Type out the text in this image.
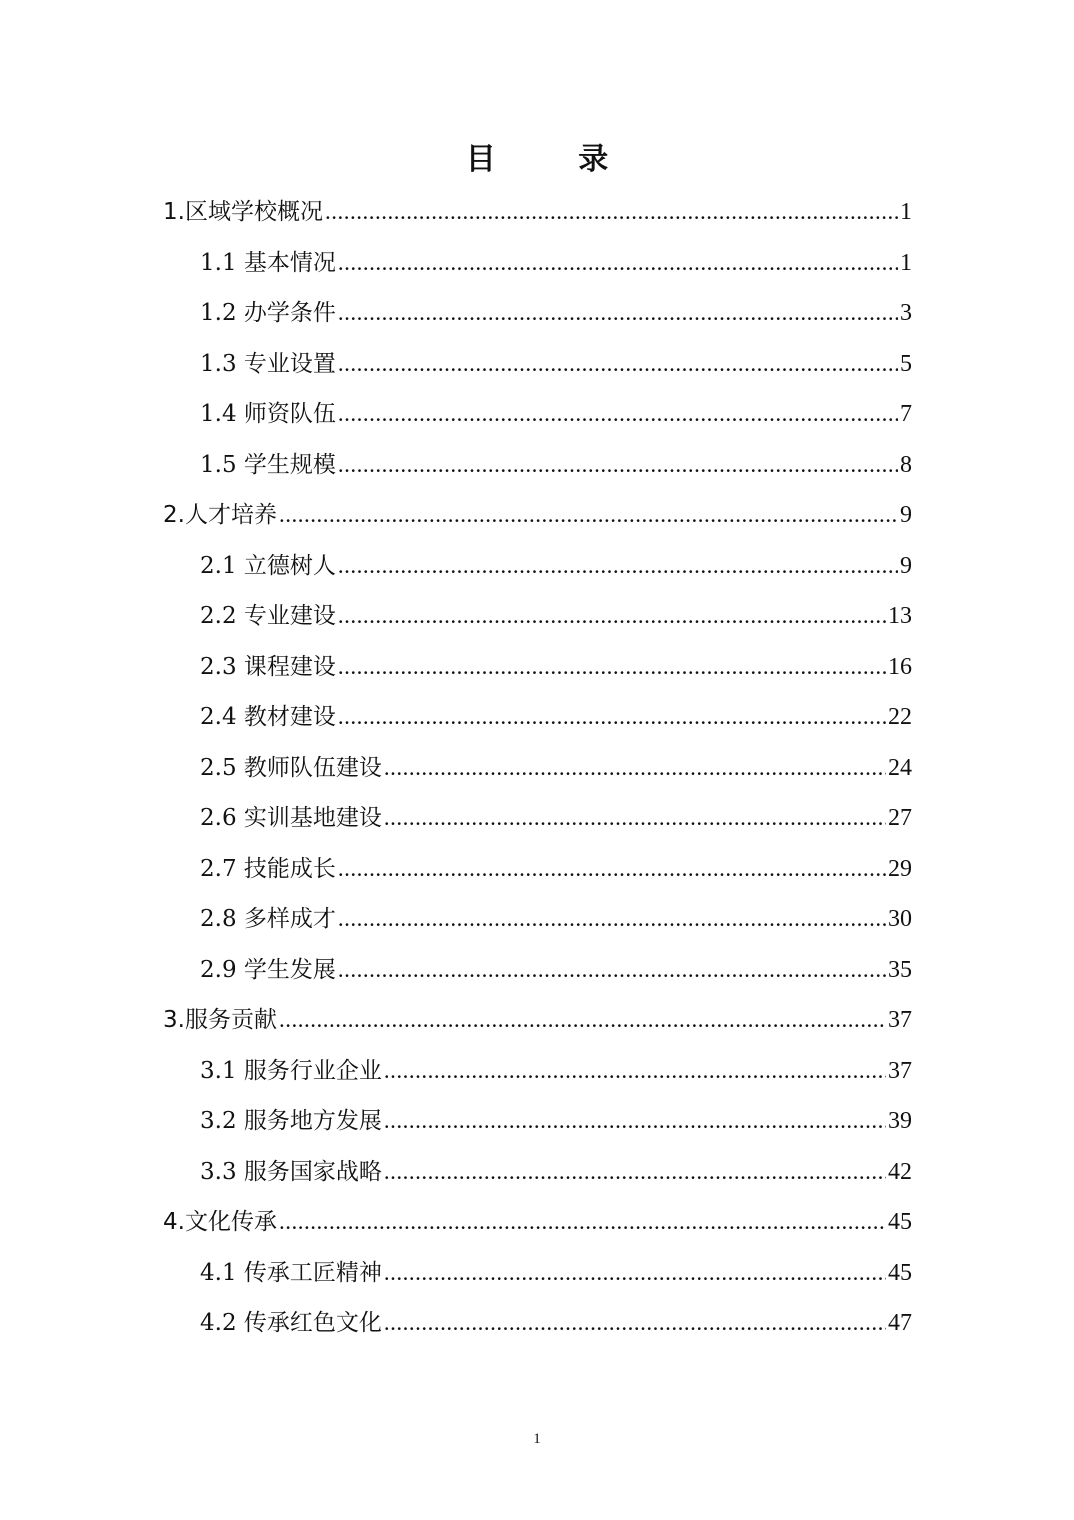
目 录
1.区域学校概况 .....	1
1.1 基本情况 .....	1
1.2 办学条件 .....	3
1.3 专业设置 .....	5
1.4 师资队伍 .....	7
1.5 学生规模 .....	8
2.人才培养 .....	9
2.1 立德树人 .....	9
2.2 专业建设 .....	13
2.3 课程建设 .....	16
2.4 教材建设 .....	22
2.5 教师队伍建设 .....	24
2.6 实训基地建设 .....	27
2.7 技能成长 .....	29
2.8 多样成才 .....	30
2.9 学生发展 .....	35
3.服务贡献 .....	37
3.1 服务行业企业 .....	37
3.2 服务地方发展 .....	39
3.3 服务国家战略 .....	42
4.文化传承 .....	45
4.1 传承工匠精神 .....	45
4.2 传承红色文化 .....	47
1
